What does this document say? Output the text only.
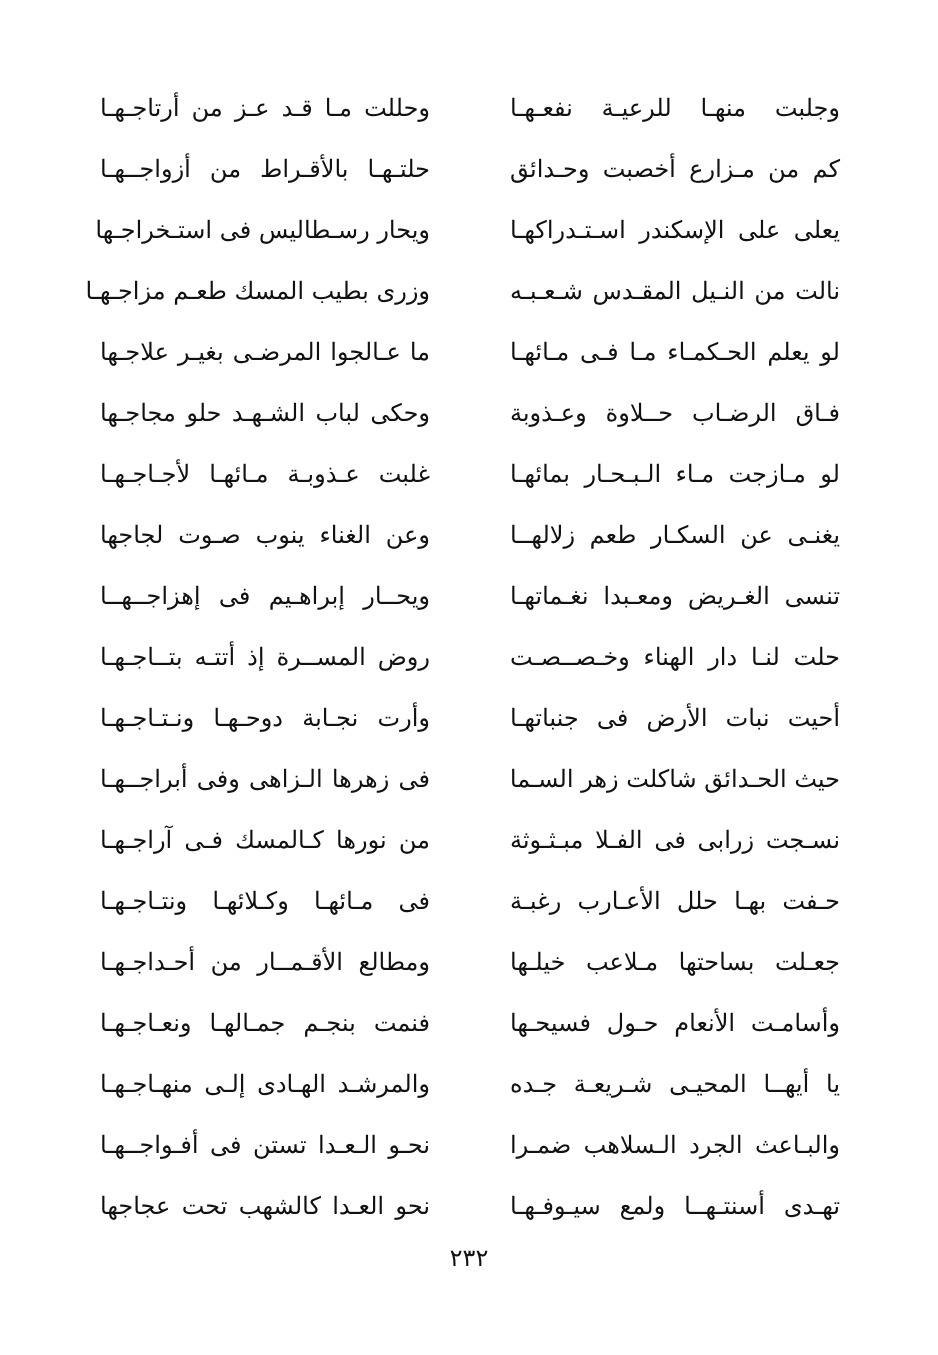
وجلبت منهـا للرعيـة نفعـهـا
وحللت مـا قـد عـز من أرتاجـهـا
كم من مـزارع أخصبت وحـدائق
حلتـهـا بالأقـراط من أزواجــهـا
يعلى على الإسكندر اسـتـدراكهـا
ويحار رسـطاليس فى استـخراجـها
نالت من النـيل المقـدس شـعـبـه
وزرى بطيب المسك طعـم مزاجـهـا
لو يعلم الحـكمـاء مـا فـى مـائهـا
ما عـالجوا المرضـى بغيـر علاجـها
فـاق الرضـاب حــلاوة وعـذوبة
وحكى لباب الشـهـد حلو مجاجـها
لو مـازجت مـاء الـبـحـار بمائهـا
غلبت عـذوبـة مـائهـا لأجـاجـهـا
يغنـى عن السكـار طعم زلالهــا
وعن الغناء ينوب صـوت لجاجها
تنسى الغـريض ومعـبدا نغـماتهـا
ويحــار إبراهـيم فى إهزاجــهــا
حلت لنـا دار الهناء وخـصــصـت
روض المســرة إذ أتتـه بتــاجـهـا
أحيت نبات الأرض فى جنباتهـا
وأرت نجـابة دوحـهـا ونـتـاجـهـا
حيث الحـدائق شاكلت زهر السـما
فى زهرها الـزاهى وفى أبراجــهـا
نسـجت زرابى فى الفـلا مبـثـوثة
من نورها كـالمسك فـى آراجـهـا
حـفت بهـا حلل الأعـارب رغبـة
فى مـائهـا وكـلائهـا ونتـاجـهـا
جعـلت بساحتها مـلاعب خيلـها
ومطالع الأقـمــار من أحـداجـهـا
وأسامـت الأنعام حـول فسيحـها
فنمت بنجـم جمـالهـا ونعـاجـهـا
يا أيهــا المحيـى شـريعـة جـده
والمرشـد الهـادى إلـى منهـاجـهـا
والبـاعث الجرد الـسلاهب ضمـرا
نحـو الـعـدا تستن فى أفـواجــهـا
تهـدى أسنتـهــا ولمع سيـوفـهـا
نحو العـدا كالشهب تحت عجاجها
٢٣٢
